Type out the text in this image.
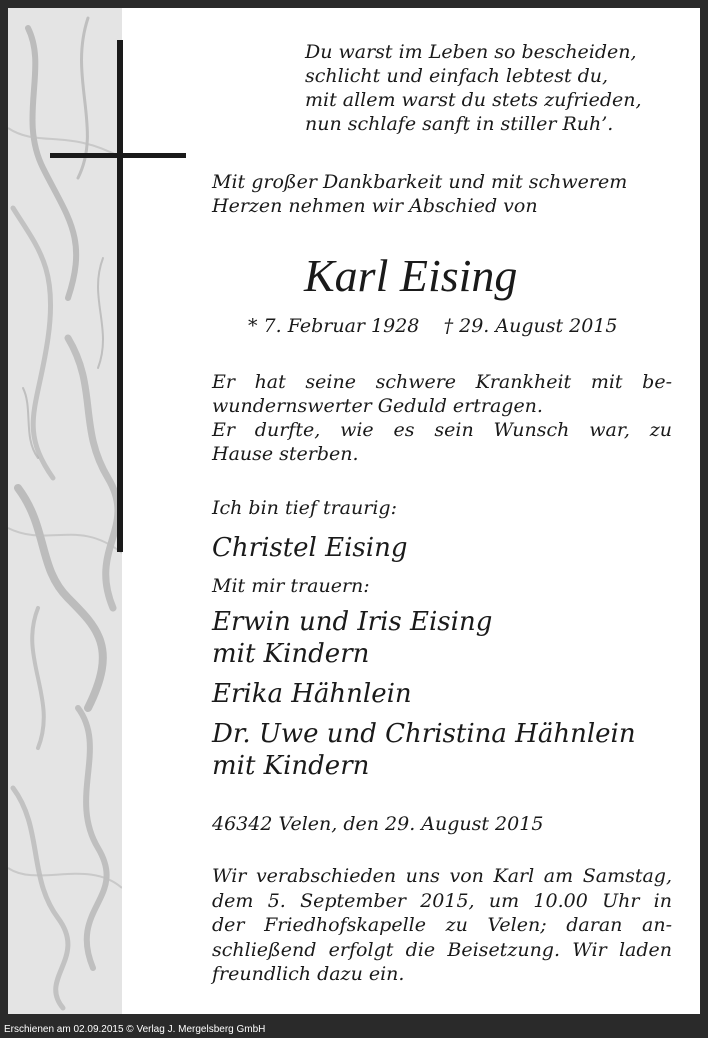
Du warst im Leben so bescheiden,
schlicht und einfach lebtest du,
mit allem warst du stets zufrieden,
nun schlafe sanft in stiller Ruh’.
Mit großer Dankbarkeit und mit schwerem
Herzen nehmen wir Abschied von
Karl Eising
* 7. Februar 1928 † 29. August 2015
Er hat seine schwere Krankheit mit be-
wundernswerter Geduld ertragen.
Er durfte, wie es sein Wunsch war, zu
Hause sterben.
Ich bin tief traurig:
Christel Eising
Mit mir trauern:
Erwin und Iris Eising
mit Kindern
Erika Hähnlein
Dr. Uwe und Christina Hähnlein
mit Kindern
46342 Velen, den 29. August 2015
Wir verabschieden uns von Karl am Samstag,
dem 5. September 2015, um 10.00 Uhr in
der Friedhofskapelle zu Velen; daran an-
schließend erfolgt die Beisetzung. Wir laden
freundlich dazu ein.
Erschienen am 02.09.2015 © Verlag J. Mergelsberg GmbH
